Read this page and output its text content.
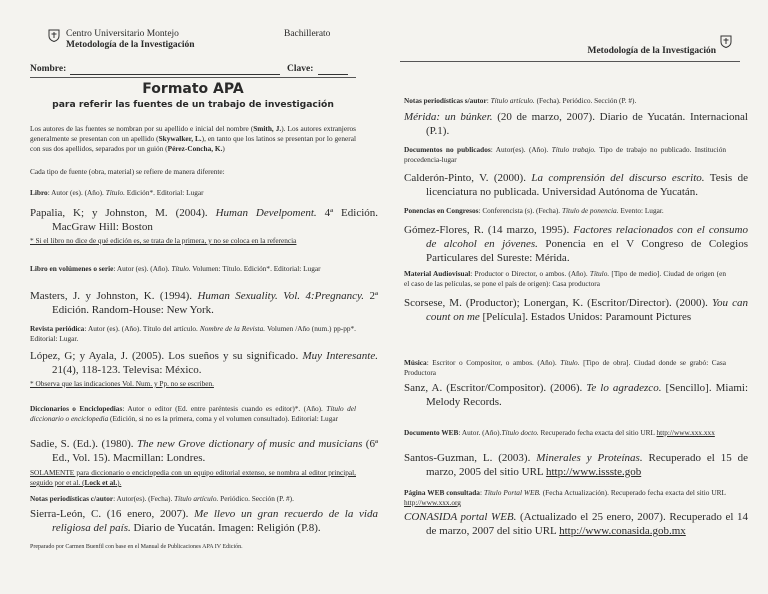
Centro Universitario Montejo
Metodología de la Investigación
Bachillerato
Nombre:	Clave:
Formato APA
para referir las fuentes de un trabajo de investigación
Los autores de las fuentes se nombran por su apellido e inicial del nombre (Smith, J.). Los autores extranjeros generalmente se presentan con un apellido (Skywalker, L.), en tanto que los latinos se presentan por lo general con sus dos apellidos, separados por un guión (Pérez-Concha, K.)
Cada tipo de fuente (obra, material) se refiere de manera diferente:
Libro: Autor (es). (Año). Título. Edición*. Editorial: Lugar
Papalia, K; y Johnston, M. (2004). Human Develpoment. 4ª Edición. MacGraw Hill: Boston
* Si el libro no dice de qué edición es, se trata de la primera, y no se coloca en la referencia
Libro en volúmenes o serie: Autor (es). (Año). Título. Volumen: Título. Edición*. Editorial: Lugar
Masters, J. y Johnston, K. (1994). Human Sexuality. Vol. 4:Pregnancy. 2ª Edición. Random-House: New York.
Revista periódica: Autor (es). (Año). Título del artículo. Nombre de la Revista. Volumen /Año (num.) pp-pp*. Editorial: Lugar.
López, G; y Ayala, J. (2005). Los sueños y su significado. Muy Interesante. 21(4), 118-123. Televisa: México.
* Observa que las indicaciones Vol. Num. y Pp. no se escriben.
Diccionarios o Enciclopedias: Autor o editor (Ed. entre paréntesis cuando es editor)*. (Año). Título del diccionario o enciclopedia (Edición, si no es la primera, coma y el volumen consultado). Editorial: Lugar
Sadie, S. (Ed.). (1980). The new Grove dictionary of music and musicians (6ª Ed., Vol. 15). Macmillan: Londres.
SOLAMENTE para diccionario o enciclopedia con un equipo editorial extenso, se nombra al editor principal, seguido por et al. (Lock et al.).
Notas periodísticas c/autor: Autor(es). (Fecha). Título artículo. Periódico. Sección (P. #).
Sierra-León, C. (16 enero, 2007). Me llevo un gran recuerdo de la vida religiosa del país. Diario de Yucatán. Imagen: Religión (P.8).
Preparado por Carmen Buenfil con base en el Manual de Publicaciones APA IV Edición.
Metodología de la Investigación
Notas periodísticas s/autor: Título artículo. (Fecha). Periódico. Sección (P. #).
Mérida: un búnker. (20 de marzo, 2007). Diario de Yucatán. Internacional (P.1).
Documentos no publicados: Autor(es). (Año). Título trabajo. Tipo de trabajo no publicado. Institución procedencia-lugar
Calderón-Pinto, V. (2000). La comprensión del discurso escrito. Tesis de licenciatura no publicada. Universidad Autónoma de Yucatán.
Ponencias en Congresos: Conferencista (s). (Fecha). Título de ponencia. Evento: Lugar.
Gómez-Flores, R. (14 marzo, 1995). Factores relacionados con el consumo de alcohol en jóvenes. Ponencia en el V Congreso de Colegios Particulares del Sureste: Mérida.
Material Audiovisual: Productor o Director, o ambos. (Año). Título. [Tipo de medio]. Ciudad de origen (en el caso de las películas, se pone el país de origen): Casa productora
Scorsese, M. (Productor); Lonergan, K. (Escritor/Director). (2000). You can count on me [Película]. Estados Unidos: Paramount Pictures
Música: Escritor o Compositor, o ambos. (Año). Título. [Tipo de obra]. Ciudad donde se grabó: Casa Productora
Sanz, A. (Escritor/Compositor). (2006). Te lo agradezco. [Sencillo]. Miami: Melody Records.
Documento WEB: Autor. (Año).Título docto. Recuperado fecha exacta del sitio URL http://www.xxx.xxx
Santos-Guzman, L. (2003). Minerales y Proteínas. Recuperado el 15 de marzo, 2005 del sitio URL http://www.issste.gob
Página WEB consultada: Título Portal WEB. (Fecha Actualización). Recuperado fecha exacta del sitio URL http://www.xxx.org
CONASIDA portal WEB. (Actualizado el 25 enero, 2007). Recuperado el 14 de marzo, 2007 del sitio URL http://www.conasida.gob.mx
